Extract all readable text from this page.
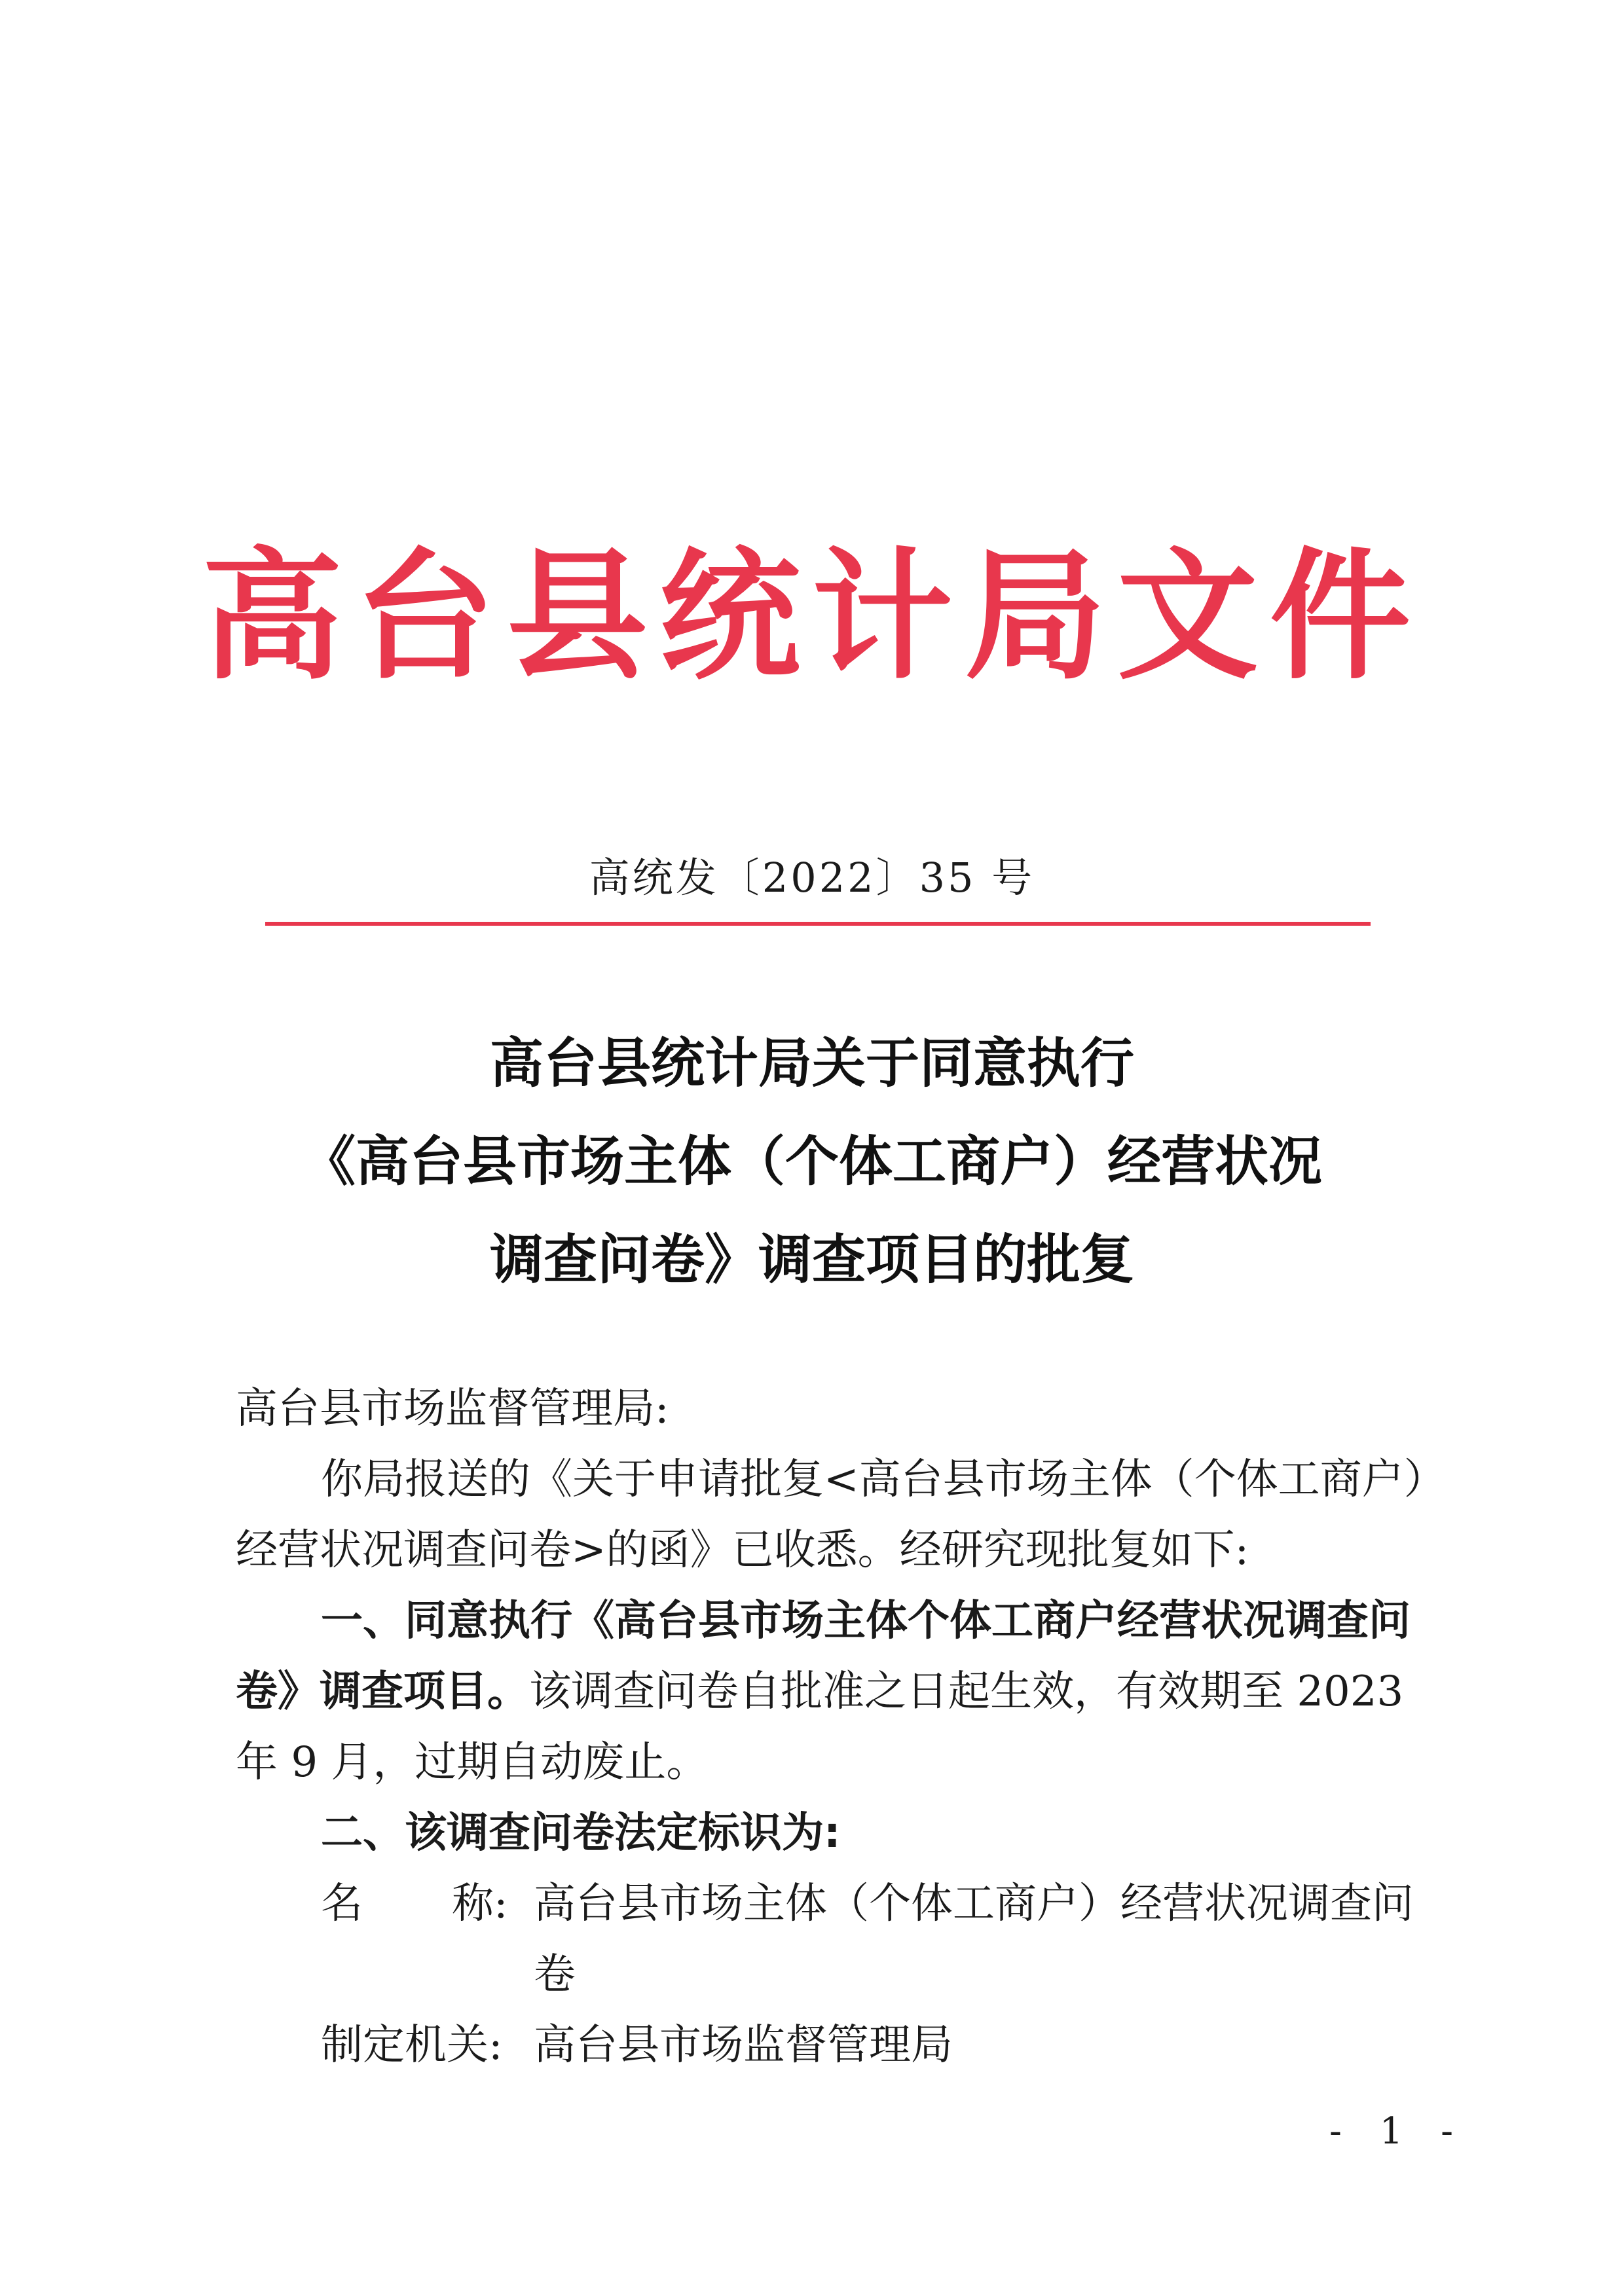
高台县统计局文件
高统发〔2022〕35 号
高台县统计局关于同意执行
《高台县市场主体（个体工商户）经营状况
调查问卷》调查项目的批复
高台县市场监督管理局:
你局报送的《关于申请批复<高台县市场主体（个体工商户）
经营状况调查问卷>的函》已收悉。经研究现批复如下:
一、同意执行《高台县市场主体个体工商户经营状况调查问
卷》调查项目。该调查问卷自批准之日起生效，有效期至 2023
年 9 月，过期自动废止。
二、该调查问卷法定标识为:
名 称: 高台县市场主体（个体工商户）经营状况调查问
卷
制定机关: 高台县市场监督管理局
- 1 -
